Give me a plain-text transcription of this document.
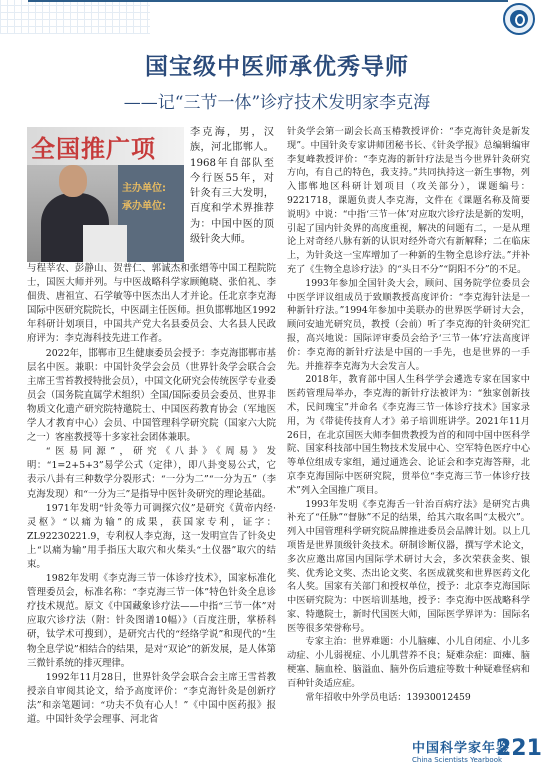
国宝级中医师承优秀导师
——记“三节一体”诊疗技术发明家李克海
全国推广项
主办单位:
承办单位:

李克海，男，汉族，河北邯郸人。1968年自部队至今行医55年，对针灸有三大发明，百度和学术界推荐为：中国中医的顶级针灸大师。

与程莘农、彭静山、贺普仁、郭诚杰和张缙等中国工程院院士，国医大师并列。与中医战略科学家顾鲍晓、张伯礼、李佃贵、唐祖宣、石学敏等中医杰出人才并论。任北京李克海国际中医研究院院长，中医副主任医师。担负邯郸地区1992年科研计划项目，中国共产党大名县委员会、大名县人民政府评为：李克海科技先进工作者。

2022年，邯郸市卫生健康委员会授予：李克海邯郸市基层名中医。兼职：中国针灸学会会员（世界针灸学会联合会主席王雪苔教授特批会员），中国文化研究会传统医学专业委员会（国务院直属学术组织）全国/国际委员会委员、世界非物质文化遗产研究院特邀院士、中国医药教育协会（军地医学人才教育中心）会员、中国管理科学研究院（国家六大院之一）客座教授等十多家社会团体兼职。

“医易同源”，研究《八卦》《周易》发明：“1=2+5+3”易学公式（定律），即八卦变易公式，它表示八卦有三种数学分裂形式：“一分为二”“一分为五”（李克海发现）和“一分为三”是指导中医针灸研究的理论基础。

1971年发明“针灸等力可调探穴仪”是研究《黄帝内经·灵枢》“以痛为输”的成果，获国家专利，证字：ZL92230221.9，专利权人李克海，这一发明宣告了针灸史上“以痛为输”用手指压大取穴和火柴头“土仪器”取穴的结束。

1982年发明《李克海三节一体诊疗技术》，国家标准化管理委员会，标准名称：“李克海三节一体”特色针灸全息诊疗技术规范。原文《中国藏象诊疗法——中指“三节一体”对应取穴诊疗法（附：针灸图谱10幅）》（百度注册，掌桥科研，钛学术可搜到），是研究古代的“经络学说”和现代的“生物全息学说”相结合的结果，是对“双论”的新发展，是人体第三微针系统的排灭理律。

1992年11月28日，世界针灸学会联合会主席王雪苔教授亲自审阅其论文，给予高度评价：“李克海针灸是创新疗法”和亲笔题词：“功夫不负有心人！”《中国中医药报》报道。中国针灸学会理事、河北省

针灸学会第一副会长高玉椿教授评价：“李克海针灸是新发现”。中国针灸专家讲师团秘书长、《针灸学报》总编辑编审李复峰教授评价：“李克海的新针疗法是当今世界针灸研究方向，有自己的特色，我支持。”共同执持这一新生事物，列入邯郸地区科研计划项目（攻关部分），课题编号：9221718，课题负责人李克海，文件在《课题名称及简要说明》中说：“中指‘三节一体’对应取穴诊疗法是新的发明，引起了国内针灸界的高度重视，解决的问题有二，一是从理论上对奇经八脉有新的认识对经外奇穴有新解释；二在临床上，为针灸这一宝库增加了一种新的生物全息诊疗法。”并补充了《生物全息诊疗法》的“头日不分”“阴阳不分”的不足。

1993年参加全国针灸大会，顾问、国务院学位委员会中医学评议组成员于致顺教授高度评价：“李克海针法是一种新针疗法。”1994年参加中美联办的世界医学研讨大会，顾问安迪光研究员，教授（会前）听了李克海的针灸研究汇报，高兴地说：国际评审委员会给予‘三节一体’疗法高度评价：李克海的新针疗法是中国的一手先，也是世界的一手先。并推荐李克海为大会发言人。

2018年，教育部中国人生科学学会遴选专家在国家中医药管理局举办，李克海的新针疗法被评为：“独家创新技术，民间瑰宝”并命名《李克海三节一体诊疗技术》国家录用，为《带徒传技育人才》弟子培训班讲学。2021年11月26日，在北京国医大师李佃贵教授为首的和同中国中医科学院、国家科技部中国生物技术发展中心、空军特色医疗中心等单位组成专家组，通过通选会、论证会和李克海答辩，北京李克海国际中医研究院，贯举位“李克海三节一体诊疗技术”列入全国推广项目。

1993年发明《李克海舌一针治百病疗法》是研究古典补充了“任脉”“督脉”不足的结果，给其六取名叫“太极穴”。列入中国管理科学研究院品牌推进委员会品牌计划。以上几项皆是世界顶级针灸技术。研制诊断仪器，撰写学术论文，多次应邀出席国内国际学术研讨大会，多次荣获金奖、银奖、优秀论文奖、杰出论文奖、名医成就奖和世界医药文化名人奖。国家有关部门和授权单位，授予：北京李克海国际中医研究院为：中医培训基地，授予：李克海中医战略科学家、特邀院士，新时代国医大师，国际医学界评为：国际名医等很多荣誉称号。

专家主治：世界难题：小儿脑瘫、小儿自闭症、小儿多动症、小儿弱视症、小儿肌营养不良；疑难杂症：面瘫、脑梗塞、脑血栓、脑溢血、脑外伤后遗症等数十种疑难怪病和百种针灸适应症。

常年招收中外学员电话：13930012459

中国科学家年鉴
China Scientists Yearbook
221
